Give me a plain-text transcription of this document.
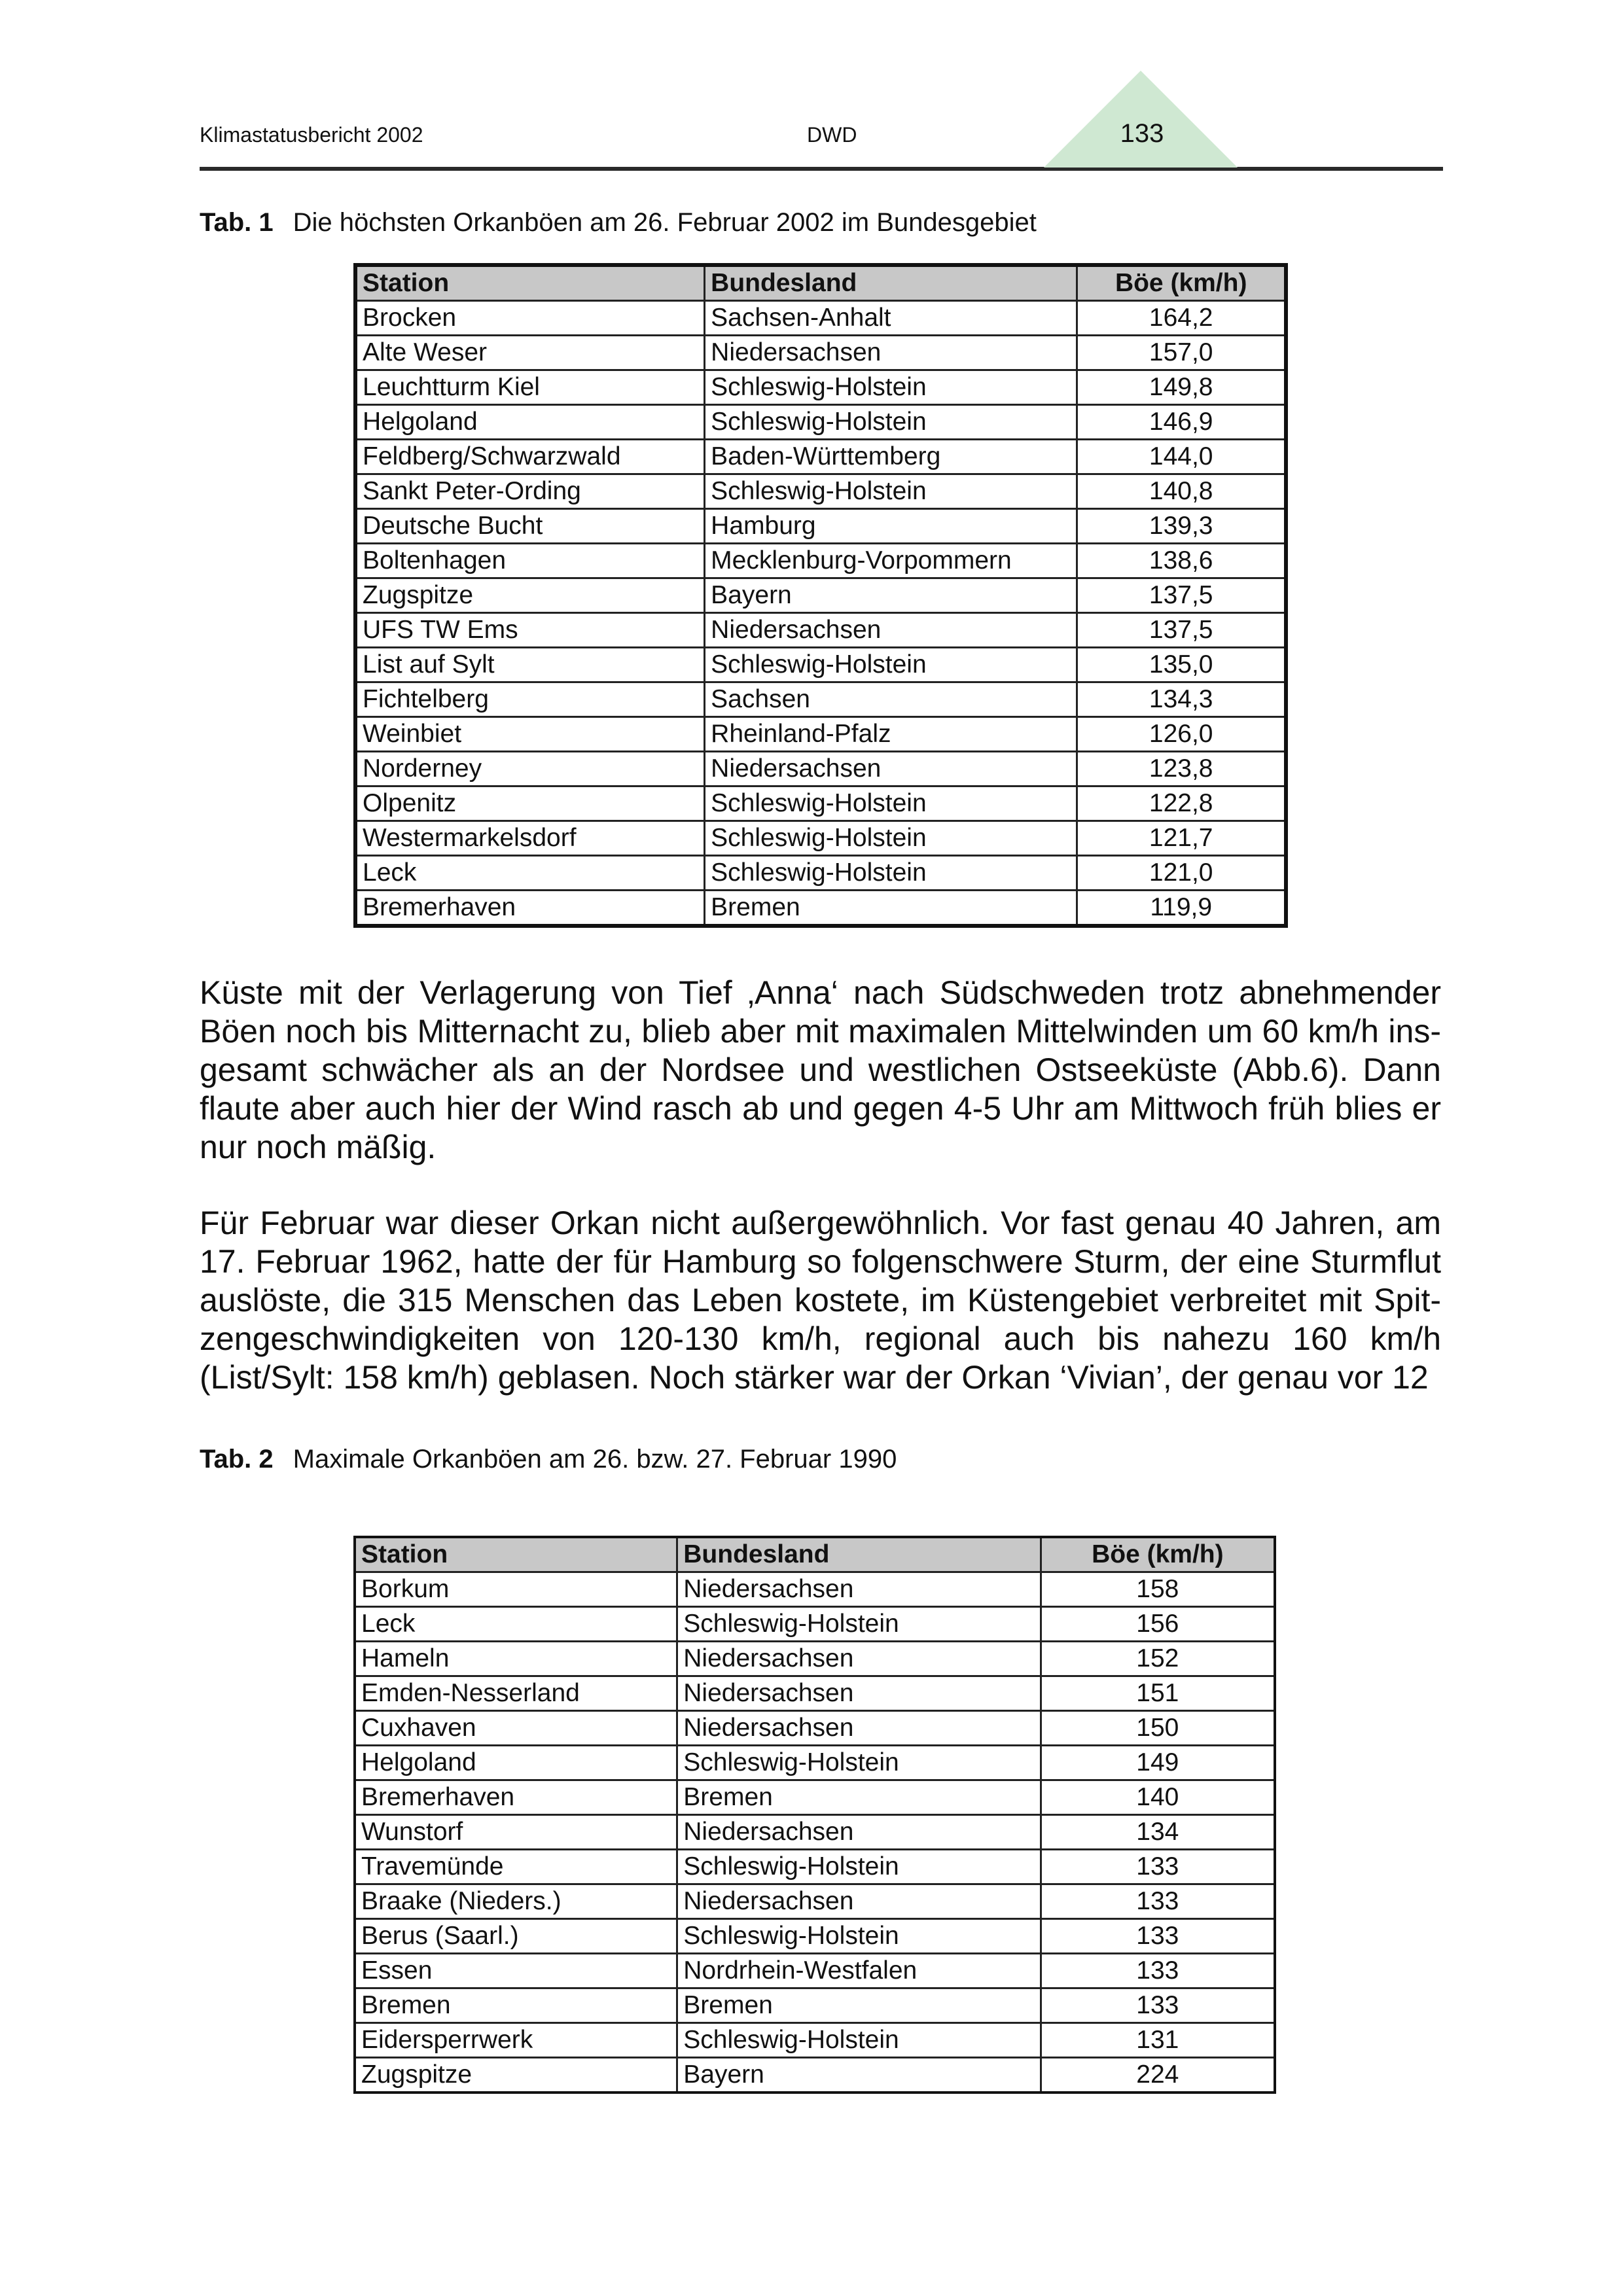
Klimastatusbericht 2002	DWD	133
Tab. 1 Die höchsten Orkanböen am 26. Februar 2002 im Bundesgebiet
Station	Bundesland	Böe (km/h)
Brocken	Sachsen-Anhalt	164,2
Alte Weser	Niedersachsen	157,0
Leuchtturm Kiel	Schleswig-Holstein	149,8
Helgoland	Schleswig-Holstein	146,9
Feldberg/Schwarzwald	Baden-Württemberg	144,0
Sankt Peter-Ording	Schleswig-Holstein	140,8
Deutsche Bucht	Hamburg	139,3
Boltenhagen	Mecklenburg-Vorpommern	138,6
Zugspitze	Bayern	137,5
UFS TW Ems	Niedersachsen	137,5
List auf Sylt	Schleswig-Holstein	135,0
Fichtelberg	Sachsen	134,3
Weinbiet	Rheinland-Pfalz	126,0
Norderney	Niedersachsen	123,8
Olpenitz	Schleswig-Holstein	122,8
Westermarkelsdorf	Schleswig-Holstein	121,7
Leck	Schleswig-Holstein	121,0
Bremerhaven	Bremen	119,9

Küste mit der Verlagerung von Tief ‚Anna‘ nach Südschweden trotz abnehmender Böen noch bis Mitternacht zu, blieb aber mit maximalen Mittelwinden um 60 km/h insgesamt schwächer als an der Nordsee und westlichen Ostseeküste (Abb.6). Dann flaute aber auch hier der Wind rasch ab und gegen 4-5 Uhr am Mittwoch früh blies er nur noch mäßig.

Für Februar war dieser Orkan nicht außergewöhnlich. Vor fast genau 40 Jahren, am 17. Februar 1962, hatte der für Hamburg so folgenschwere Sturm, der eine Sturmflut auslöste, die 315 Menschen das Leben kostete, im Küstengebiet verbreitet mit Spitzengeschwindigkeiten von 120-130 km/h, regional auch bis nahezu 160 km/h (List/Sylt: 158 km/h) geblasen. Noch stärker war der Orkan ‘Vivian’, der genau vor 12

Tab. 2 Maximale Orkanböen am 26. bzw. 27. Februar 1990
Station	Bundesland	Böe (km/h)
Borkum	Niedersachsen	158
Leck	Schleswig-Holstein	156
Hameln	Niedersachsen	152
Emden-Nesserland	Niedersachsen	151
Cuxhaven	Niedersachsen	150
Helgoland	Schleswig-Holstein	149
Bremerhaven	Bremen	140
Wunstorf	Niedersachsen	134
Travemünde	Schleswig-Holstein	133
Braake (Nieders.)	Niedersachsen	133
Berus (Saarl.)	Schleswig-Holstein	133
Essen	Nordrhein-Westfalen	133
Bremen	Bremen	133
Eidersperrwerk	Schleswig-Holstein	131
Zugspitze	Bayern	224
